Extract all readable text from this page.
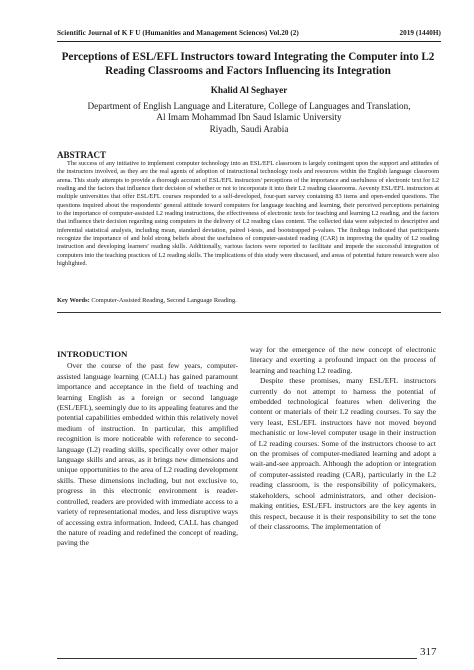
Scientific Journal of K F U (Humanities and Management Sciences) Vol.20 (2)	2019 (1440H)
Perceptions of ESL/EFL Instructors toward Integrating the Computer into L2 Reading Classrooms and Factors Influencing its Integration
Khalid Al Seghayer
Department of English Language and Literature, College of Languages and Translation,
Al Imam Mohammad Ibn Saud Islamic University
Riyadh, Saudi Arabia
ABSTRACT

The success of any initiative to implement computer technology into an ESL/EFL classroom is largely contingent upon the support and attitudes of the instructors involved, as they are the real agents of adoption of instructional technology tools and resources within the English language classroom arena. This study attempts to provide a thorough account of ESL/EFL instructors' perceptions of the importance and usefulness of electronic text for L2 reading and the factors that influence their decision of whether or not to incorporate it into their L2 reading classrooms. Aeventy ESL/EFL instructors at multiple universities that offer ESL/EFL courses responded to a self-developed, four-part survey containing 83 items and open-ended questions. The questions inquired about the respondents' general attitude toward computers for language teaching and learning, their perceived perceptions pertaining to the importance of computer-assisted L2 reading instructions, the effectiveness of electronic texts for teaching and learning L2 reading, and the factors that influence their decision regarding using computers in the delivery of L2 reading class content. The collected data were subjected to descriptive and inferential statistical analysis, including mean, standard deviation, paired t-tests, and bootstrapped p-values. The findings indicated that participants recognize the importance of and hold strong beliefs about the usefulness of computer-assisted reading (CAR) in improving the quality of L2 reading instruction and developing learners' reading skills. Additionally, various factors were reported to facilitate and impede the successful integration of computers into the teaching practices of L2 reading skills. The implications of this study were discussed, and areas of potential future research were also highlighted.

Key Words: Computer-Assisted Reading, Second Language Reading.
INTRODUCTION

Over the course of the past few years, computer-assisted language learning (CALL) has gained paramount importance and acceptance in the field of teaching and learning English as a foreign or second language (ESL/EFL), seemingly due to its appealing features and the potential capabilities embedded within this relatively novel medium of instruction. In particular, this amplified recognition is more noticeable with reference to second-language (L2) reading skills, specifically over other major language skills and areas, as it brings new dimensions and unique opportunities to the area of L2 reading development skills. These dimensions including, but not exclusive to, progress in this electronic environment is reader- controlled, readers are provided with immediate access to a variety of representational modes, and less disruptive ways of accessing extra information. Indeed, CALL has changed the nature of reading and redefined the concept of reading, paving the

way for the emergence of the new concept of electronic literacy and exerting a profound impact on the process of learning and teaching L2 reading.

Despite these promises, many ESL/EFL instructors currently do not attempt to harness the potential of embedded technological features when delivering the content or materials of their L2 reading courses. To say the very least, ESL/EFL instructors have not moved beyond mechanistic or low-level computer usage in their instruction of L2 reading courses. Some of the instructors choose to act on the promises of computer-mediated learning and adopt a wait-and-see approach. Although the adoption or integration of computer-assisted reading (CAR), particularly in the L2 reading classroom, is the responsibility of policymakers, stakeholders, school administrators, and other decision-making entities, ESL/EFL instructors are the key agents in this respect, because it is their responsibility to set the tone of their classrooms. The implementation of

317
